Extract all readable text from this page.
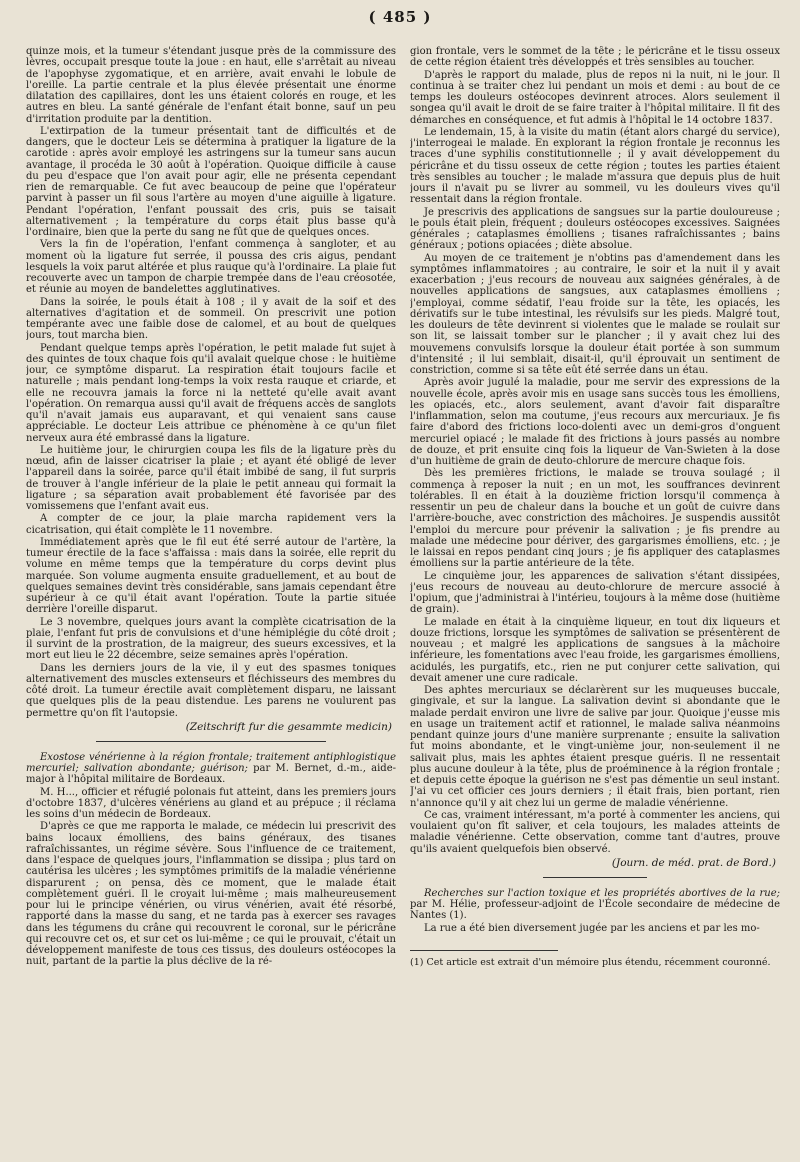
( 485 )

quinze mois, et la tumeur s'étendant jusque près de la commissure des lèvres, occupait presque toute la joue : en haut, elle s'arrêtait au niveau de l'apophyse zygomatique, et en arrière, avait envahi le lobule de l'oreille. La partie centrale et la plus élevée présentait une énorme dilatation des capillaires, dont les uns étaient colorés en rouge, et les autres en bleu. La santé générale de l'enfant était bonne, sauf un peu d'irritation produite par la dentition.

L'extirpation de la tumeur présentait tant de difficultés et de dangers, que le docteur Leis se détermina à pratiquer la ligature de la carotide : après avoir employé les astringens sur la tumeur sans aucun avantage, il procéda le 30 août à l'opération. Quoique difficile à cause du peu d'espace que l'on avait pour agir, elle ne présenta cependant rien de remarquable. Ce fut avec beaucoup de peine que l'opérateur parvint à passer un fil sous l'artère au moyen d'une aiguille à ligature. Pendant l'opération, l'enfant poussait des cris, puis se taisait alternativement ; la température du corps était plus basse qu'à l'ordinaire, bien que la perte du sang ne fût que de quelques onces.

Vers la fin de l'opération, l'enfant commença à sangloter, et au moment où la ligature fut serrée, il poussa des cris aigus, pendant lesquels la voix parut altérée et plus rauque qu'à l'ordinaire. La plaie fut recouverte avec un tampon de charpie trempée dans de l'eau créosotée, et réunie au moyen de bandelettes agglutinatives.

Dans la soirée, le pouls était à 108 ; il y avait de la soif et des alternatives d'agitation et de sommeil. On prescrivit une potion tempérante avec une faible dose de calomel, et au bout de quelques jours, tout marcha bien.

Pendant quelque temps après l'opération, le petit malade fut sujet à des quintes de toux chaque fois qu'il avalait quelque chose : le huitième jour, ce symptôme disparut. La respiration était toujours facile et naturelle ; mais pendant long-temps la voix resta rauque et criarde, et elle ne recouvra jamais la force ni la netteté qu'elle avait avant l'opération. On remarqua aussi qu'il avait de fréquens accès de sanglots qu'il n'avait jamais eus auparavant, et qui venaient sans cause appréciable. Le docteur Leis attribue ce phénomène à ce qu'un filet nerveux aura été embrassé dans la ligature.

Le huitième jour, le chirurgien coupa les fils de la ligature près du nœud, afin de laisser cicatriser la plaie ; et ayant été obligé de lever l'appareil dans la soirée, parce qu'il était imbibé de sang, il fut surpris de trouver à l'angle inférieur de la plaie le petit anneau qui formait la ligature ; sa séparation avait probablement été favorisée par des vomissemens que l'enfant avait eus.

A compter de ce jour, la plaie marcha rapidement vers la cicatrisation, qui était complète le 11 novembre.

Immédiatement après que le fil eut été serré autour de l'artère, la tumeur érectile de la face s'affaissa : mais dans la soirée, elle reprit du volume en même temps que la température du corps devint plus marquée. Son volume augmenta ensuite graduellement, et au bout de quelques semaines devint très considérable, sans jamais cependant être supérieur à ce qu'il était avant l'opération. Toute la partie située derrière l'oreille disparut.

Le 3 novembre, quelques jours avant la complète cicatrisation de la plaie, l'enfant fut pris de convulsions et d'une hémiplégie du côté droit ; il survint de la prostration, de la maigreur, des sueurs excessives, et la mort eut lieu le 22 décembre, seize semaines après l'opération.

Dans les derniers jours de la vie, il y eut des spasmes toniques alternativement des muscles extenseurs et fléchisseurs des membres du côté droit. La tumeur érectile avait complètement disparu, ne laissant que quelques plis de la peau distendue. Les parens ne voulurent pas permettre qu'on fît l'autopsie.

(Zeitschrift fur die gesammte medicin)

Exostose vénérienne à la région frontale; traitement antiphlogistique mercuriel; salivation abondante; guérison; par M. Bernet, d.-m., aide-major à l'hôpital militaire de Bordeaux.

M. H..., officier et réfugié polonais fut atteint, dans les premiers jours d'octobre 1837, d'ulcères vénériens au gland et au prépuce ; il réclama les soins d'un médecin de Bordeaux.

D'après ce que me rapporta le malade, ce médecin lui prescrivit des bains locaux émolliens, des bains généraux, des tisanes rafraîchissantes, un régime sévère. Sous l'influence de ce traitement, dans l'espace de quelques jours, l'inflammation se dissipa ; plus tard on cautérisa les ulcères ; les symptômes primitifs de la maladie vénérienne disparurent ; on pensa, dès ce moment, que le malade était complètement guéri. Il le croyait lui-même ; mais malheureusement pour lui le principe vénérien, ou virus vénérien, avait été résorbé, rapporté dans la masse du sang, et ne tarda pas à exercer ses ravages dans les tégumens du crâne qui recouvrent le coronal, sur le péricrâne qui recouvre cet os, et sur cet os lui-même ; ce qui le prouvait, c'était un développement manifeste de tous ces tissus, des douleurs ostéocopes la nuit, partant de la partie la plus déclive de la ré-

gion frontale, vers le sommet de la tête ; le péricrâne et le tissu osseux de cette région étaient très développés et très sensibles au toucher.

D'après le rapport du malade, plus de repos ni la nuit, ni le jour. Il continua à se traiter chez lui pendant un mois et demi : au bout de ce temps les douleurs ostéocopes devinrent atroces. Alors seulement il songea qu'il avait le droit de se faire traiter à l'hôpital militaire. Il fit des démarches en conséquence, et fut admis à l'hôpital le 14 octobre 1837.

Le lendemain, 15, à la visite du matin (étant alors chargé du service), j'interrogeai le malade. En explorant la région frontale je reconnus les traces d'une syphilis constitutionnelle ; il y avait développement du péricrâne et du tissu osseux de cette région ; toutes les parties étaient très sensibles au toucher ; le malade m'assura que depuis plus de huit jours il n'avait pu se livrer au sommeil, vu les douleurs vives qu'il ressentait dans la région frontale.

Je prescrivis des applications de sangsues sur la partie douloureuse ; le pouls était plein, fréquent ; douleurs ostéocopes excessives. Saignées générales ; cataplasmes émolliens ; tisanes rafraîchissantes ; bains généraux ; potions opiacées ; diète absolue.

Au moyen de ce traitement je n'obtins pas d'amendement dans les symptômes inflammatoires ; au contraire, le soir et la nuit il y avait exacerbation ; j'eus recours de nouveau aux saignées générales, à de nouvelles applications de sangsues, aux cataplasmes émolliens ; j'employai, comme sédatif, l'eau froide sur la tête, les opiacés, les dérivatifs sur le tube intestinal, les révulsifs sur les pieds. Malgré tout, les douleurs de tête devinrent si violentes que le malade se roulait sur son lit, se laissait tomber sur le plancher ; il y avait chez lui des mouvemens convulsifs lorsque la douleur était portée à son summum d'intensité ; il lui semblait, disait-il, qu'il éprouvait un sentiment de constriction, comme si sa tête eût été serrée dans un étau.

Après avoir jugulé la maladie, pour me servir des expressions de la nouvelle école, après avoir mis en usage sans succès tous les émolliens, les opiacés, etc., alors seulement, avant d'avoir fait disparaître l'inflammation, selon ma coutume, j'eus recours aux mercuriaux. Je fis faire d'abord des frictions loco-dolenti avec un demi-gros d'onguent mercuriel opiacé ; le malade fit des frictions à jours passés au nombre de douze, et prit ensuite cinq fois la liqueur de Van-Swieten à la dose d'un huitième de grain de deuto-chlorure de mercure chaque fois.

Dès les premières frictions, le malade se trouva soulagé ; il commença à reposer la nuit ; en un mot, les souffrances devinrent tolérables. Il en était à la douzième friction lorsqu'il commença à ressentir un peu de chaleur dans la bouche et un goût de cuivre dans l'arrière-bouche, avec constriction des mâchoires. Je suspendis aussitôt l'emploi du mercure pour prévenir la salivation ; je fis prendre au malade une médecine pour dériver, des gargarismes émolliens, etc. ; je le laissai en repos pendant cinq jours ; je fis appliquer des cataplasmes émolliens sur la partie antérieure de la tête.

Le cinquième jour, les apparences de salivation s'étant dissipées, j'eus recours de nouveau au deuto-chlorure de mercure associé à l'opium, que j'administrai à l'intérieu, toujours à la même dose (huitième de grain).

Le malade en était à la cinquième liqueur, en tout dix liqueurs et douze frictions, lorsque les symptômes de salivation se présentèrent de nouveau ; et malgré les applications de sangsues à la mâchoire inférieure, les fomentations avec l'eau froide, les gargarismes émolliens, acidulés, les purgatifs, etc., rien ne put conjurer cette salivation, qui devait amener une cure radicale.

Des aphtes mercuriaux se déclarèrent sur les muqueuses buccale, gingivale, et sur la langue. La salivation devint si abondante que le malade perdait environ une livre de salive par jour. Quoique j'eusse mis en usage un traitement actif et rationnel, le malade saliva néanmoins pendant quinze jours d'une manière surprenante ; ensuite la salivation fut moins abondante, et le vingt-unième jour, non-seulement il ne salivait plus, mais les aphtes étaient presque guéris. Il ne ressentait plus aucune douleur à la tête, plus de proéminence à la région frontale ; et depuis cette époque la guérison ne s'est pas démentie un seul instant. J'ai vu cet officier ces jours derniers ; il était frais, bien portant, rien n'annonce qu'il y ait chez lui un germe de maladie vénérienne.

Ce cas, vraiment intéressant, m'a porté à commenter les anciens, qui voulaient qu'on fît saliver, et cela toujours, les malades atteints de maladie vénérienne. Cette observation, comme tant d'autres, prouve qu'ils avaient quelquefois bien observé.

(Journ. de méd. prat. de Bord.)

Recherches sur l'action toxique et les propriétés abortives de la rue; par M. Hélie, professeur-adjoint de l'École secondaire de médecine de Nantes (1).

La rue a été bien diversement jugée par les anciens et par les mo-

(1) Cet article est extrait d'un mémoire plus étendu, récemment couronné.
